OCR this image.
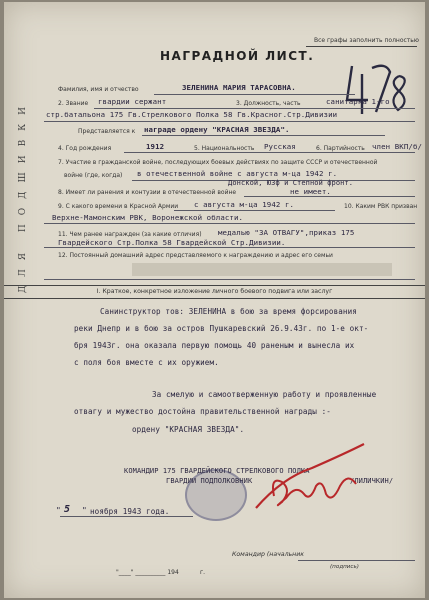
Все графы заполнить полностью
НАГРАДНОЙ ЛИСТ.
ДЛЯ ПОДШИВКИ
Фамилия, имя и отчество	ЗЕЛЕНИНА МАРИЯ ТАРАСОВНА.
2. Звание гвардии сержант	3. Должность, часть	санитарка 1-го
стр.батальона 175 Гв.Стрелкового Полка 58 Гв.Красног.Стр.Дивизии
Представляется к награде ордену "КРАСНАЯ ЗВЕЗДА".
4. Год рождения	1912	5. Национальность Русская	6. Партийность член ВКП/б/
7. Участие в гражданской войне, последующих боевых действиях по защите СССР и отечественной
войне (где, когда) в отечественной войне с августа м-ца 1942 г.
Донской, Ю3ф и Степной фронт.
8. Имеет ли ранения и контузии в отечественной войне	не имеет.
9. С какого времени в Красной Армии с августа м-ца 1942 г.	10. Каким РВК призван
Верхне-Мамонским РВК, Воронежской области.
11. Чем ранее награжден (за какие отличия) медалью "ЗА ОТВАГУ",приказ 175
Гвардейского Стр.Полка 58 Гвардейской Стр.Дивизии.
12. Постоянный домашний адрес представляемого к награждению и адрес его семьи
I. Краткое, конкретное изложение личного боевого подвига или заслуг
Санинструктор тов: ЗЕЛЕНИНА в бою за время форсирования
реки Днепр и в бою за остров Пушкаревский 26.9.43г. по 1-е окт-
бря 1943г. она оказала первую помощь 40 раненым и вынесла их
с поля боя вместе с их оружием.
За смелую и самоотверженную работу и проявленные
отвагу и мужество достойна правительственной награды :-
ордену "КРАСНАЯ ЗВЕЗДА".
КОМАНДИР 175 ГВАРДЕЙСКОГО СТРЕЛКОВОГО ПОЛКА
ГВАРДИИ ПОДПОЛКОВНИК	/ЛИЛИЧКИН/
" 5 " ноября 1943 года.
Командир (начальник
(подпись)
"____" __________ 194	г.
